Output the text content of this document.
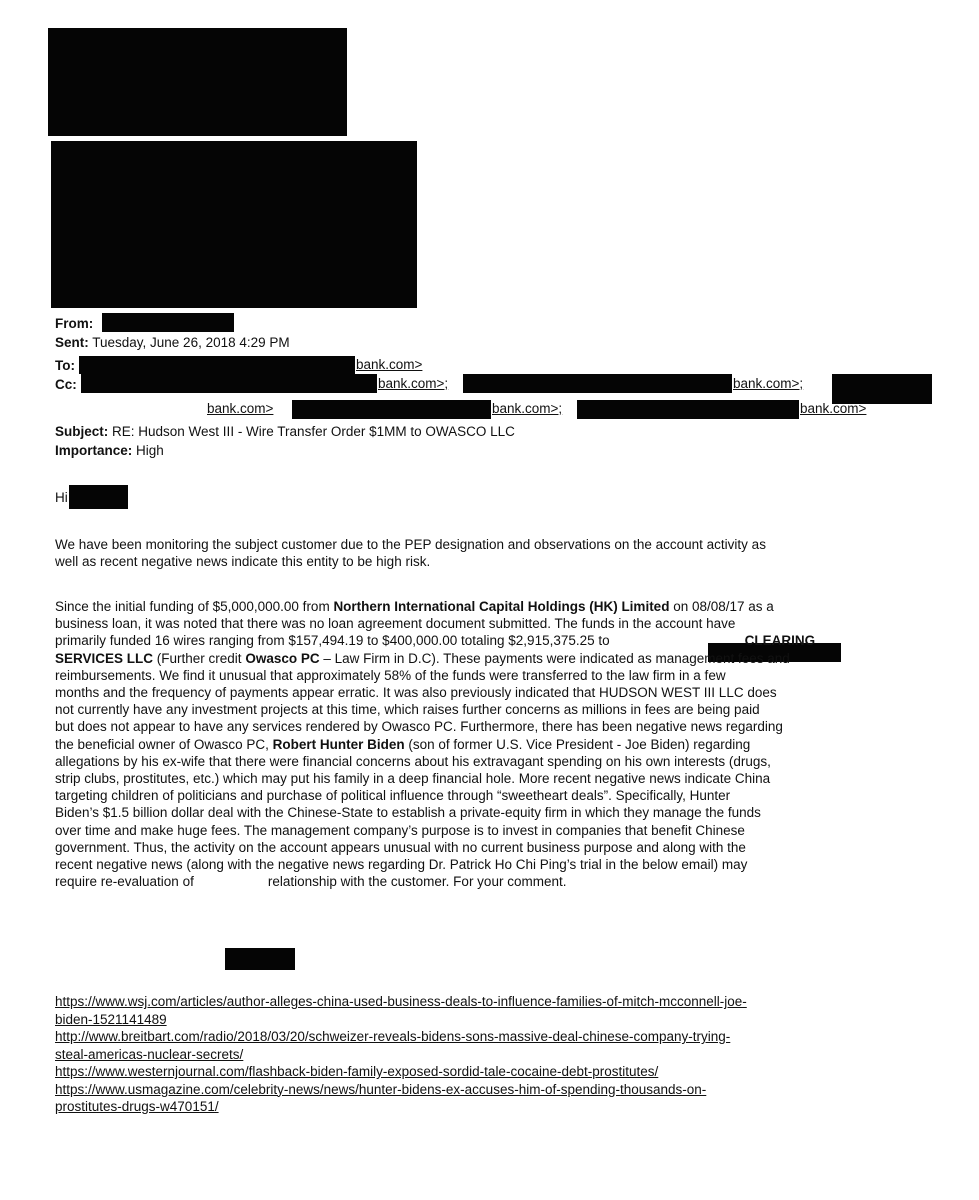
From:
Sent: Tuesday, June 26, 2018 4:29 PM
To:	bank.com>
Cc:	bank.com>;	bank.com>;
bank.com>	bank.com>;	bank.com>
Subject: RE: Hudson West III - Wire Transfer Order $1MM to OWASCO LLC
Importance: High
Hi
We have been monitoring the subject customer due to the PEP designation and observations on the account activity as
well as recent negative news indicate this entity to be high risk.
Since the initial funding of $5,000,000.00 from Northern International Capital Holdings (HK) Limited on 08/08/17 as a
business loan, it was noted that there was no loan agreement document submitted. The funds in the account have
primarily funded 16 wires ranging from $157,494.19 to $400,000.00 totaling $2,915,375.25 to	CLEARING
SERVICES LLC (Further credit Owasco PC – Law Firm in D.C). These payments were indicated as management fees and
reimbursements. We find it unusual that approximately 58% of the funds were transferred to the law firm in a few
months and the frequency of payments appear erratic. It was also previously indicated that HUDSON WEST III LLC does
not currently have any investment projects at this time, which raises further concerns as millions in fees are being paid
but does not appear to have any services rendered by Owasco PC. Furthermore, there has been negative news regarding
the beneficial owner of Owasco PC, Robert Hunter Biden (son of former U.S. Vice President - Joe Biden) regarding
allegations by his ex-wife that there were financial concerns about his extravagant spending on his own interests (drugs,
strip clubs, prostitutes, etc.) which may put his family in a deep financial hole. More recent negative news indicate China
targeting children of politicians and purchase of political influence through “sweetheart deals”. Specifically, Hunter
Biden’s $1.5 billion dollar deal with the Chinese-State to establish a private-equity firm in which they manage the funds
over time and make huge fees. The management company’s purpose is to invest in companies that benefit Chinese
government. Thus, the activity on the account appears unusual with no current business purpose and along with the
recent negative news (along with the negative news regarding Dr. Patrick Ho Chi Ping’s trial in the below email) may
require re-evaluation of	relationship with the customer. For your comment.
https://www.wsj.com/articles/author-alleges-china-used-business-deals-to-influence-families-of-mitch-mcconnell-joe-
biden-1521141489
http://www.breitbart.com/radio/2018/03/20/schweizer-reveals-bidens-sons-massive-deal-chinese-company-trying-
steal-americas-nuclear-secrets/
https://www.westernjournal.com/flashback-biden-family-exposed-sordid-tale-cocaine-debt-prostitutes/
https://www.usmagazine.com/celebrity-news/news/hunter-bidens-ex-accuses-him-of-spending-thousands-on-
prostitutes-drugs-w470151/
